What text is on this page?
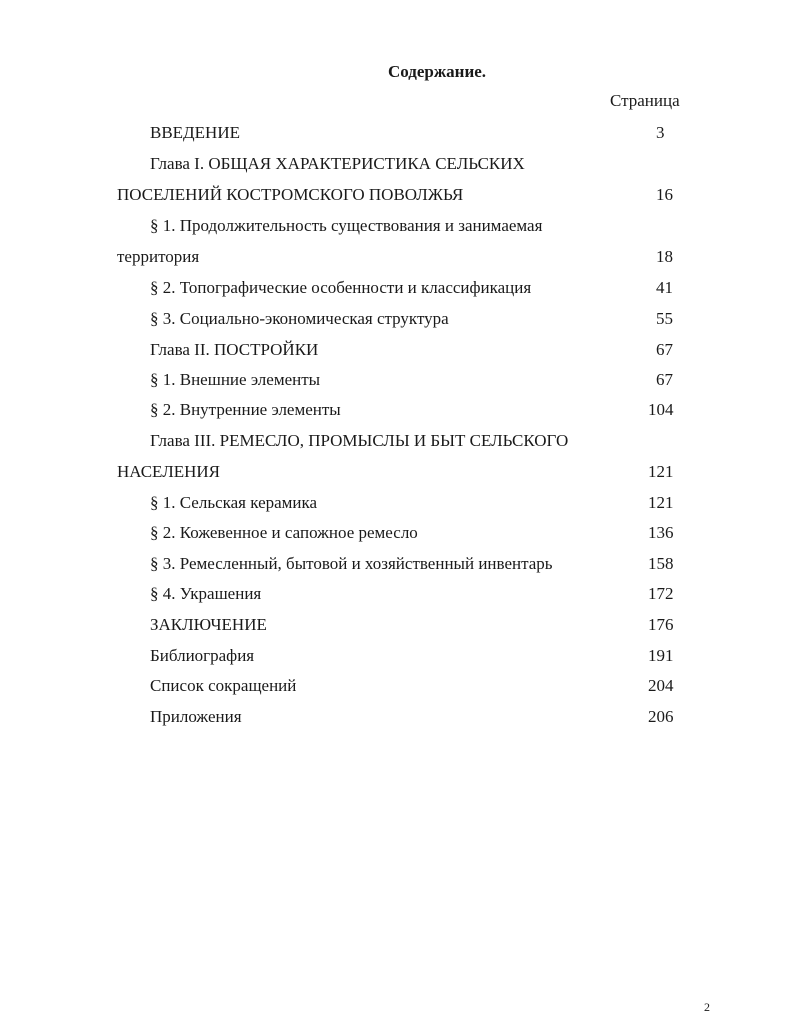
Содержание.
Страница
ВВЕДЕНИЕ	3
Глава I. ОБЩАЯ ХАРАКТЕРИСТИКА СЕЛЬСКИХ
ПОСЕЛЕНИЙ КОСТРОМСКОГО ПОВОЛЖЬЯ	16
§ 1. Продолжительность существования и занимаемая
территория	18
§ 2. Топографические особенности и классификация	41
§ 3. Социально-экономическая структура	55
Глава II. ПОСТРОЙКИ	67
§ 1. Внешние элементы	67
§ 2. Внутренние элементы	104
Глава III. РЕМЕСЛО, ПРОМЫСЛЫ И БЫТ СЕЛЬСКОГО
НАСЕЛЕНИЯ	121
§ 1. Сельская керамика	121
§ 2. Кожевенное и сапожное ремесло	136
§ 3. Ремесленный, бытовой и хозяйственный инвентарь	158
§ 4. Украшения	172
ЗАКЛЮЧЕНИЕ	176
Библиография	191
Список сокращений	204
Приложения	206
2
